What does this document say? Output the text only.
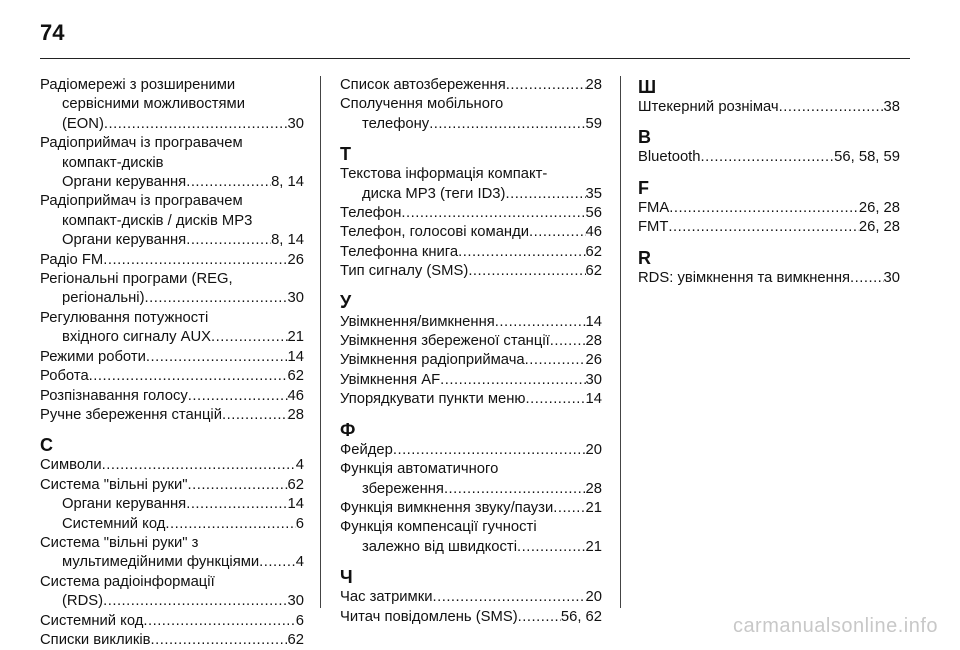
74
Радіомережі з розширеними
сервісними можливостями
(EON) .....	30
Радіоприймач із програвачем
компакт-дисків
Органи керування .....	8, 14
Радіоприймач із програвачем
компакт-дисків / дисків MP3
Органи керування .....	8, 14
Радіо FM .....	26
Регіональні програми (REG,
регіональні) .....	30
Регулювання потужності
вхідного сигналу AUX .....	21
Режими роботи .....	14
Робота .....	62
Розпізнавання голосу .....	46
Ручне збереження станцій .....	28
С
Символи .....	4
Система "вільні руки" .....	62
Органи керування .....	14
Системний код .....	6
Система "вільні руки" з
мультимедійними функціями ..... 4
Система радіоінформації
(RDS) .....	30
Системний код .....	6
Списки викликів .....	62
Список автозбереження .....	28
Сполучення мобільного
телефону .....	59
Т
Текстова інформація компакт-
диска MP3 (теги ID3) .....	35
Телефон .....	56
Телефон, голосові команди .....	46
Телефонна книга .....	62
Тип сигналу (SMS) .....	62
У
Увімкнення/вимкнення .....	14
Увімкнення збереженої станції ..... 28
Увімкнення радіоприймача .....	26
Увімкнення AF .....	30
Упорядкувати пункти меню .....	14
Ф
Фейдер .....	20
Функція автоматичного
збереження .....	28
Функція вимкнення звуку/паузи ..... 21
Функція компенсації гучності
залежно від швидкості .....	21
Ч
Час затримки .....	20
Читач повідомлень (SMS) .....	56, 62
Ш
Штекерний рознімач .....	38
B
Bluetooth .....	56, 58, 59
F
FMA .....	26, 28
FMT .....	26, 28
R
RDS: увімкнення та вимкнення ..... 30
carmanualsonline.info
